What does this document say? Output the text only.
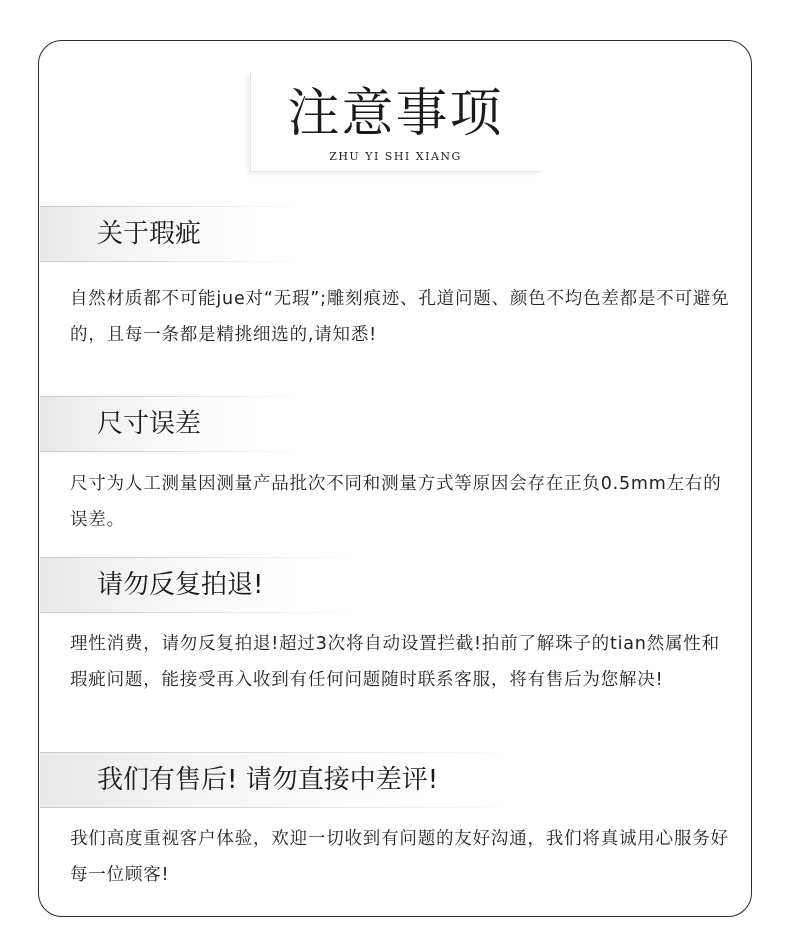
注意事项
ZHU YI SHI XIANG
关于瑕疵
自然材质都不可能jue对“无瑕”;雕刻痕迹、孔道问题、颜色不均色差都是不可避免的，且每一条都是精挑细选的,请知悉!
尺寸误差
尺寸为人工测量因测量产品批次不同和测量方式等原因会存在正负0.5mm左右的误差。
请勿反复拍退!
理性消费，请勿反复拍退!超过3次将自动设置拦截!拍前了解珠子的tian然属性和瑕疵问题，能接受再入收到有任何问题随时联系客服，将有售后为您解决!
我们有售后! 请勿直接中差评!
我们高度重视客户体验，欢迎一切收到有问题的友好沟通，我们将真诚用心服务好每一位顾客!
